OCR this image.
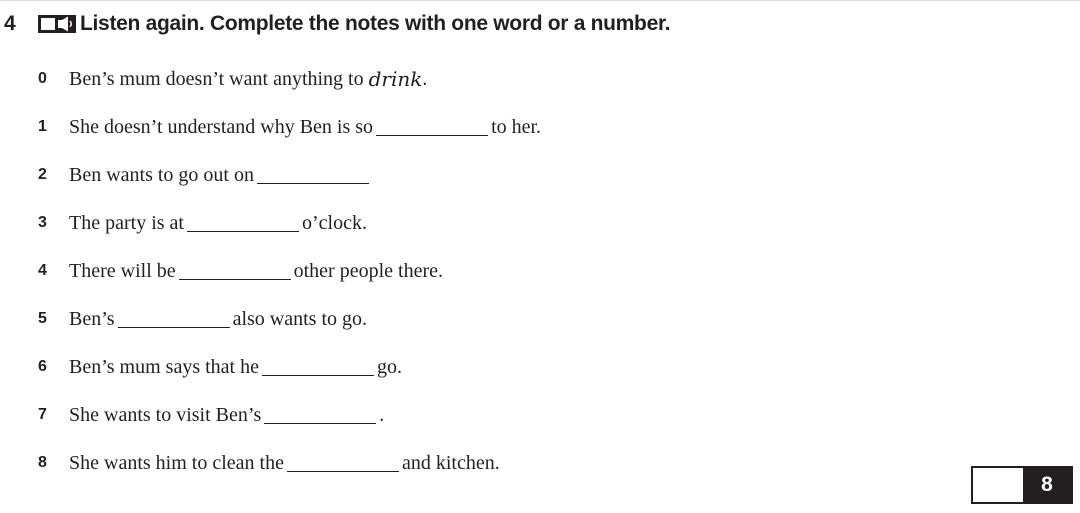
4	Listen again. Complete the notes with one word or a number.
0	Ben’s mum doesn’t want anything to drink .
1	She doesn’t understand why Ben is so	to her.
2	Ben wants to go out on
3	The party is at	o’clock.
4	There will be	other people there.
5	Ben’s	also wants to go.
6	Ben’s mum says that he	go.
7	She wants to visit Ben’s	.
8	She wants him to clean the	and kitchen.
8
